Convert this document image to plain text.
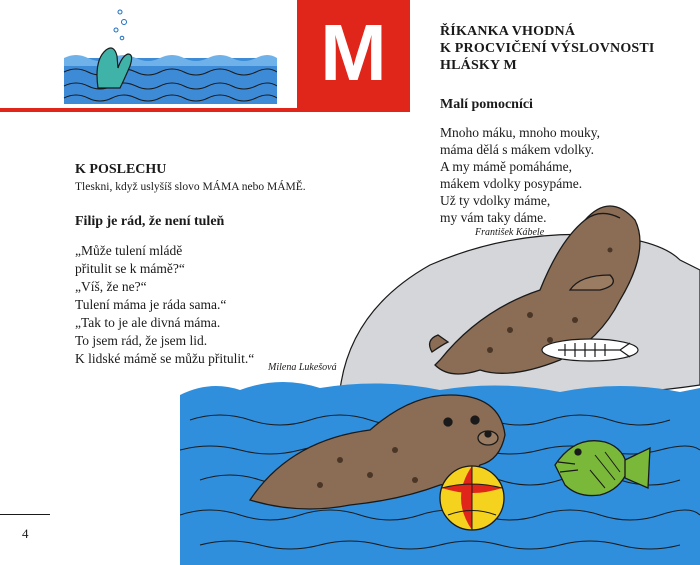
M	ŘÍKANKA VHODNÁ
K PROCVIČENÍ VÝSLOVNOSTI
HLÁSKY M
Malí pomocníci
Mnoho máku, mnoho mouky,
máma dělá s mákem vdolky.
A my mámě pomáháme,
mákem vdolky posypáme.
Už ty vdolky máme,
my vám taky dáme.
František Kábele
K POSLECHU
Tleskni, když uslyšíš slovo MÁMA nebo MÁMĚ.
Filip je rád, že není tuleň
„Může tulení mládě
přitulit se k mámě?“
„Víš, že ne?“
Tulení máma je ráda sama.“
„Tak to je ale divná máma.
To jsem rád, že jsem lid.
K lidské mámě se můžu přitulit.“
Milena Lukešová
4
